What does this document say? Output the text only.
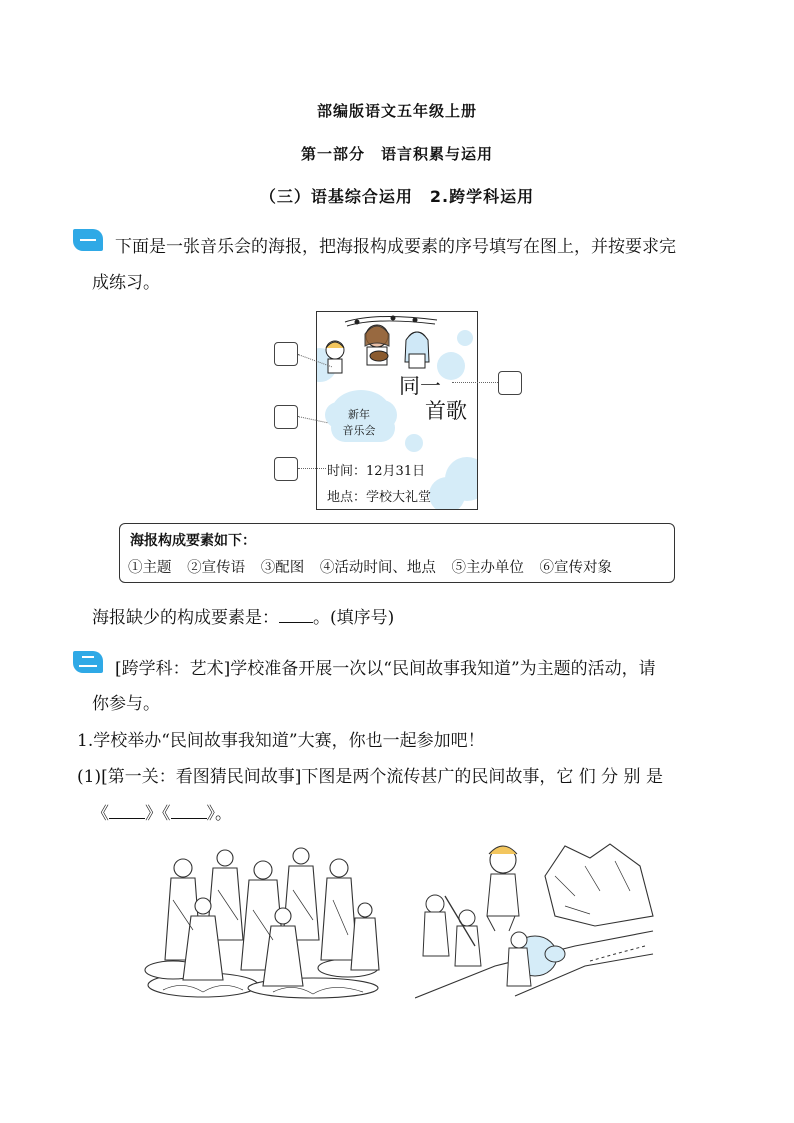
部编版语文五年级上册
第一部分　语言积累与运用
（三）语基综合运用　2.跨学科运用
下面是一张音乐会的海报，把海报构成要素的序号填写在图上，并按要求完
成练习。
同一
首歌
新年
音乐会
时间：12月31日
地点：学校大礼堂
海报构成要素如下：
①主题 ②宣传语 ③配图 ④活动时间、地点 ⑤主办单位 ⑥宣传对象
海报缺少的构成要素是： 。(填序号)
[跨学科：艺术]学校准备开展一次以“民间故事我知道”为主题的活动，请
你参与。
1.学校举办“民间故事我知道”大赛，你也一起参加吧！
(1)[第一关：看图猜民间故事]下图是两个流传甚广的民间故事，它 们 分 别 是
《 》《 》。
